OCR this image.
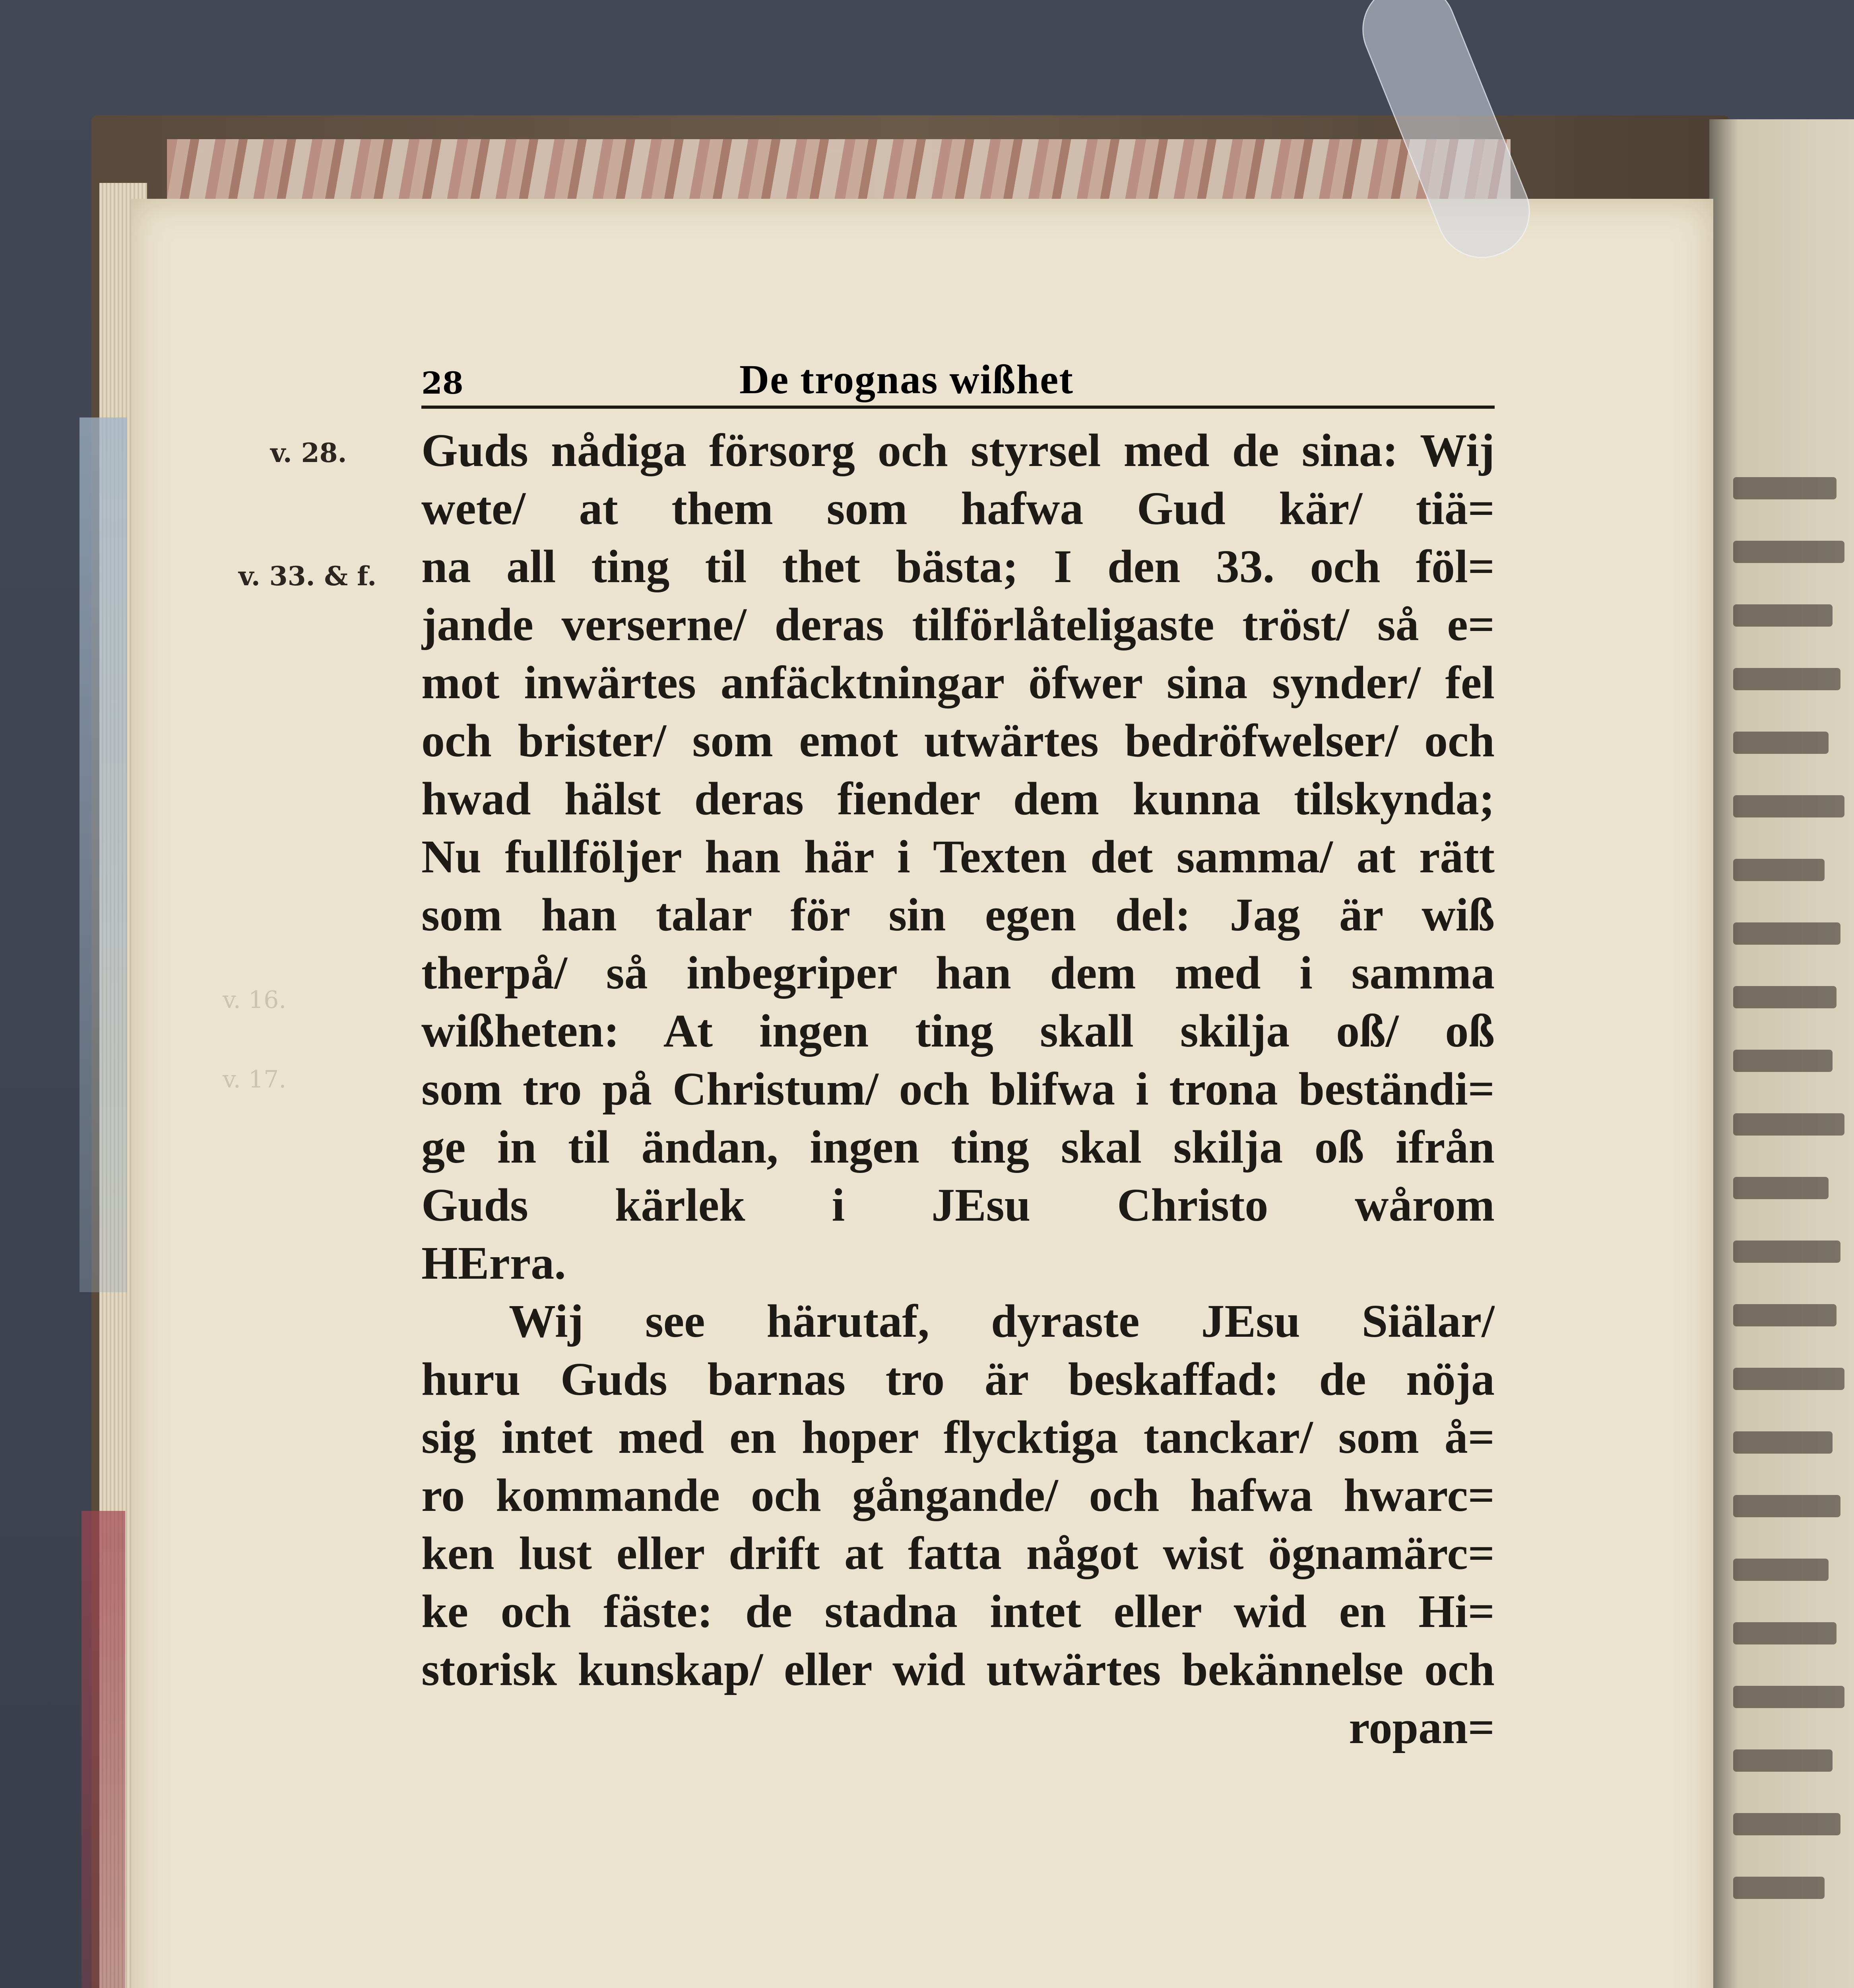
v. 16.
v. 17.
28	De trognas wißhet
v. 28.
v. 33. & f.
Guds nådiga försorg och styrsel med de sina: Wij
wete/ at them som hafwa Gud kär/ tiä=
na all ting til thet bästa; I den 33. och föl=
jande verserne/ deras tilförlåteligaste tröst/ så e=
mot inwärtes anfäcktningar öfwer sina synder/ fel
och brister/ som emot utwärtes bedröfwelser/ och
hwad hälst deras fiender dem kunna tilskynda;
Nu fullföljer han här i Texten det samma/ at rätt
som han talar för sin egen del: Jag är wiß
therpå/ så inbegriper han dem med i samma
wißheten: At ingen ting skall skilja oß/ oß
som tro på Christum/ och blifwa i trona beständi=
ge in til ändan, ingen ting skal skilja oß ifrån
Guds kärlek i JEsu Christo wårom
HErra.
Wij see härutaf, dyraste JEsu Siälar/
huru Guds barnas tro är beskaffad: de nöja
sig intet med en hoper flycktiga tanckar/ som å=
ro kommande och gångande/ och hafwa hwarc=
ken lust eller drift at fatta något wist ögnamärc=
ke och fäste: de stadna intet eller wid en Hi=
storisk kunskap/ eller wid utwärtes bekännelse och
ropan=
